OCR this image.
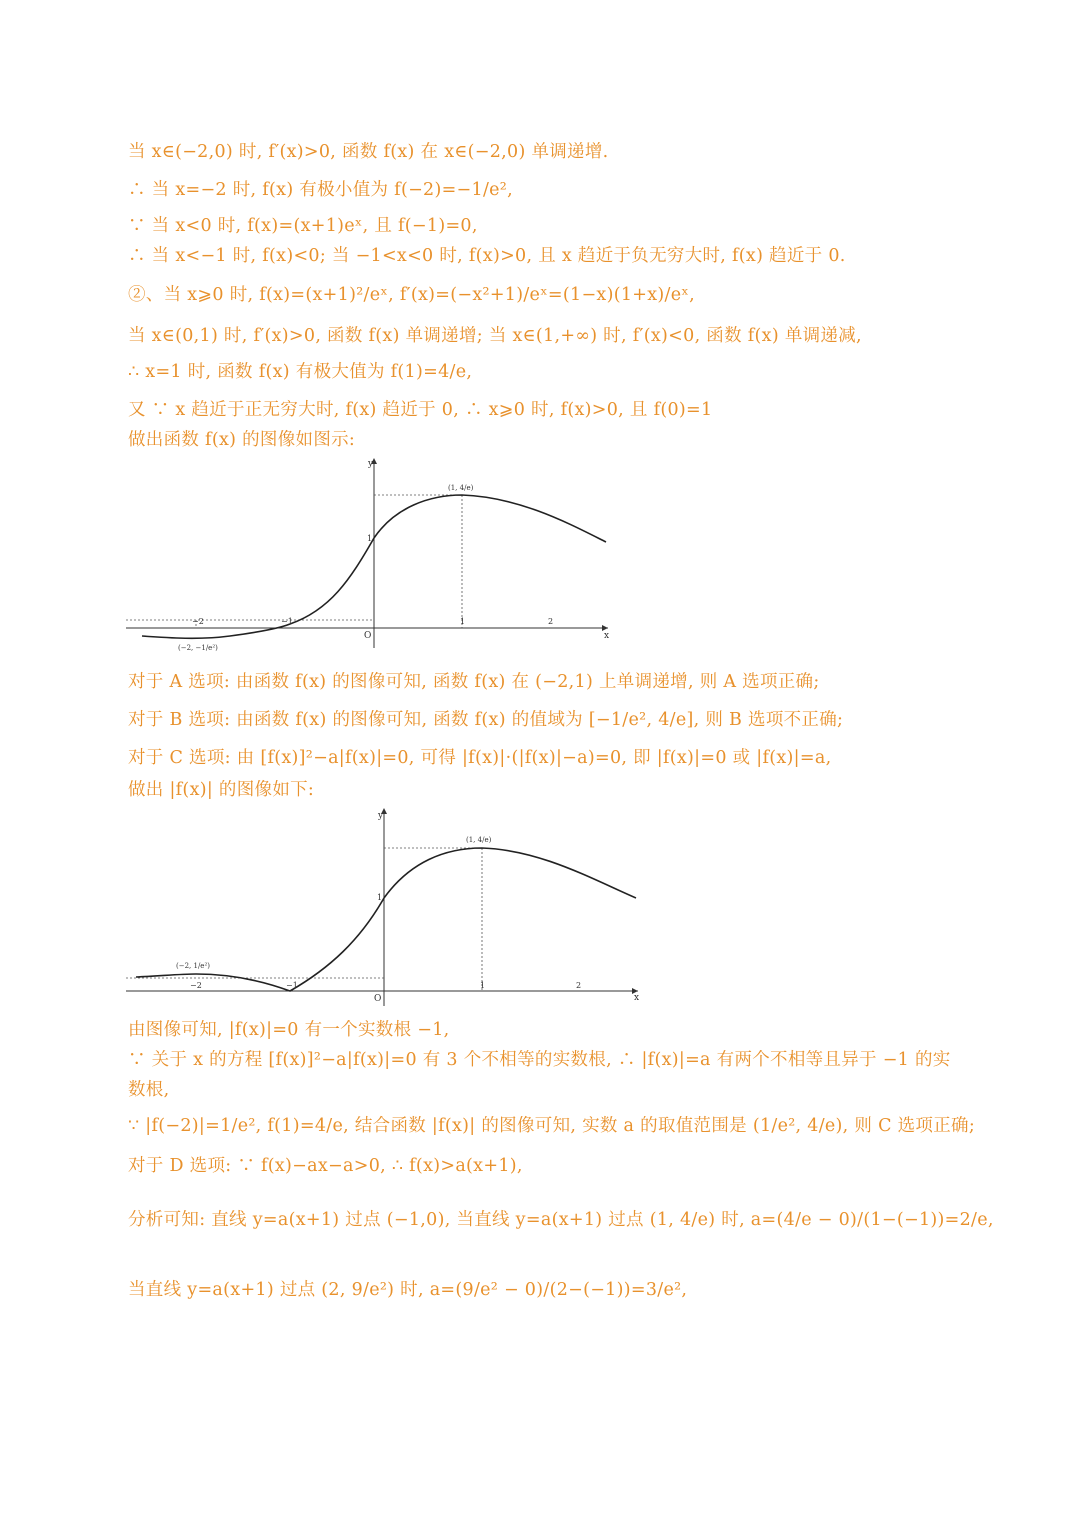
当 x∈(−2,0) 时, f′(x)>0, 函数 f(x) 在 x∈(−2,0) 单调递增.
∴ 当 x=−2 时, f(x) 有极小值为 f(−2)=−1/e²,
∵ 当 x<0 时, f(x)=(x+1)eˣ, 且 f(−1)=0,
∴ 当 x<−1 时, f(x)<0; 当 −1<x<0 时, f(x)>0, 且 x 趋近于负无穷大时, f(x) 趋近于 0.
②、当 x⩾0 时, f(x)=(x+1)²/eˣ, f′(x)=(−x²+1)/eˣ=(1−x)(1+x)/eˣ,
当 x∈(0,1) 时, f′(x)>0, 函数 f(x) 单调递增; 当 x∈(1,+∞) 时, f′(x)<0, 函数 f(x) 单调递减,
∴ x=1 时, 函数 f(x) 有极大值为 f(1)=4/e,
又 ∵ x 趋近于正无穷大时, f(x) 趋近于 0, ∴ x⩾0 时, f(x)>0, 且 f(0)=1
做出函数 f(x) 的图像如图示:
y
x
O
−2	−1	1	2
1
(1, 4/e)
(−2, −1/e²)
对于 A 选项: 由函数 f(x) 的图像可知, 函数 f(x) 在 (−2,1) 上单调递增, 则 A 选项正确;
对于 B 选项: 由函数 f(x) 的图像可知, 函数 f(x) 的值域为 [−1/e², 4/e], 则 B 选项不正确;
对于 C 选项: 由 [f(x)]²−a|f(x)|=0, 可得 |f(x)|·(|f(x)|−a)=0, 即 |f(x)|=0 或 |f(x)|=a,
做出 |f(x)| 的图像如下:
y
x
O
−2	−1	1	2
1
(1, 4/e)
(−2, 1/e²)
由图像可知, |f(x)|=0 有一个实数根 −1,
∵ 关于 x 的方程 [f(x)]²−a|f(x)|=0 有 3 个不相等的实数根, ∴ |f(x)|=a 有两个不相等且异于 −1 的实
数根,
∵ |f(−2)|=1/e², f(1)=4/e, 结合函数 |f(x)| 的图像可知, 实数 a 的取值范围是 (1/e², 4/e), 则 C 选项正确;
对于 D 选项: ∵ f(x)−ax−a>0, ∴ f(x)>a(x+1),
分析可知: 直线 y=a(x+1) 过点 (−1,0), 当直线 y=a(x+1) 过点 (1, 4/e) 时, a=(4/e − 0)/(1−(−1))=2/e,
当直线 y=a(x+1) 过点 (2, 9/e²) 时, a=(9/e² − 0)/(2−(−1))=3/e²,
